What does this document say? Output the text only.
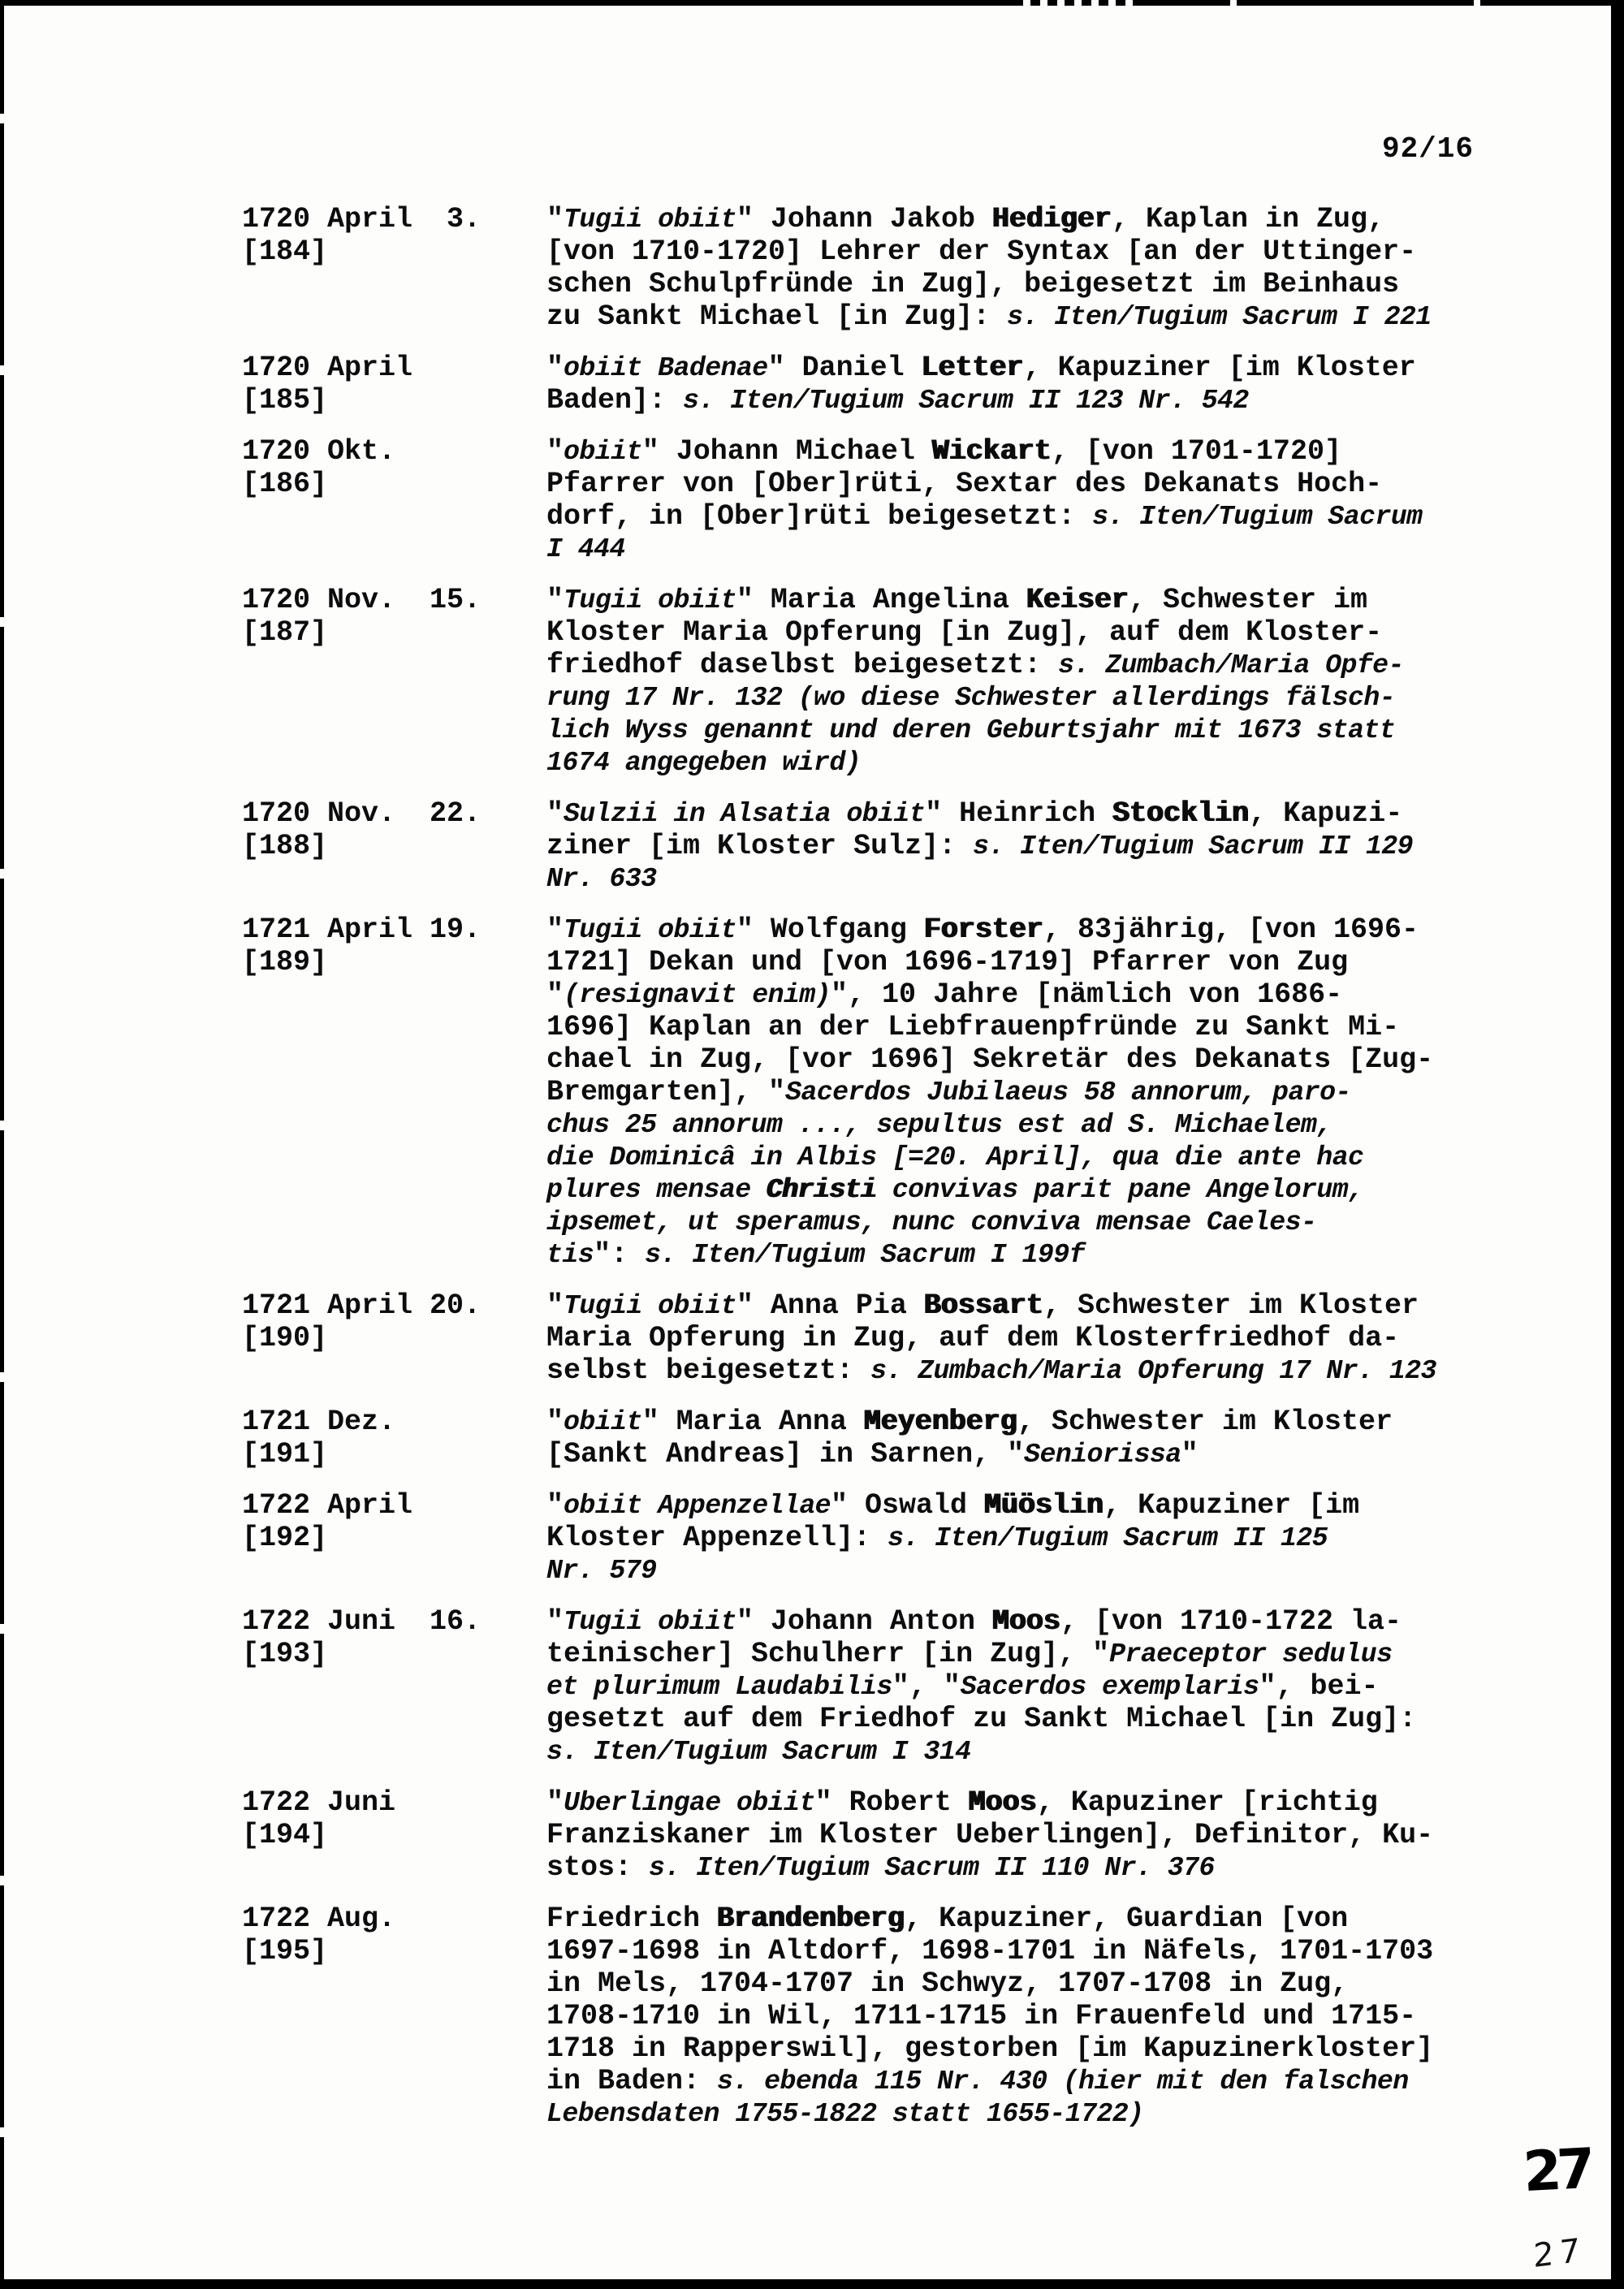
92/16
1720 April  3.
[184]
"Tugii obiit" Johann Jakob Hediger, Kaplan in Zug,
[von 1710-1720] Lehrer der Syntax [an der Uttinger-
schen Schulpfründe in Zug], beigesetzt im Beinhaus
zu Sankt Michael [in Zug]: s. Iten/Tugium Sacrum I 221
1720 April
[185]
"obiit Badenae" Daniel Letter, Kapuziner [im Kloster
Baden]: s. Iten/Tugium Sacrum II 123 Nr. 542
1720 Okt.
[186]
"obiit" Johann Michael Wickart, [von 1701-1720]
Pfarrer von [Ober]rüti, Sextar des Dekanats Hoch-
dorf, in [Ober]rüti beigesetzt: s. Iten/Tugium Sacrum
I 444
1720 Nov.  15.
[187]
"Tugii obiit" Maria Angelina Keiser, Schwester im
Kloster Maria Opferung [in Zug], auf dem Kloster-
friedhof daselbst beigesetzt: s. Zumbach/Maria Opfe-
rung 17 Nr. 132 (wo diese Schwester allerdings fälsch-
lich Wyss genannt und deren Geburtsjahr mit 1673 statt
1674 angegeben wird)
1720 Nov.  22.
[188]
"Sulzii in Alsatia obiit" Heinrich Stocklin, Kapuzi-
ziner [im Kloster Sulz]: s. Iten/Tugium Sacrum II 129
Nr. 633
1721 April 19.
[189]
"Tugii obiit" Wolfgang Forster, 83jährig, [von 1696-
1721] Dekan und [von 1696-1719] Pfarrer von Zug
"(resignavit enim)", 10 Jahre [nämlich von 1686-
1696] Kaplan an der Liebfrauenpfründe zu Sankt Mi-
chael in Zug, [vor 1696] Sekretär des Dekanats [Zug-
Bremgarten], "Sacerdos Jubilaeus 58 annorum, paro-
chus 25 annorum ..., sepultus est ad S. Michaelem,
die Dominicâ in Albis [=20. April], qua die ante hac
plures mensae Christi convivas parit pane Angelorum,
ipsemet, ut speramus, nunc conviva mensae Caeles-
tis": s. Iten/Tugium Sacrum I 199f
1721 April 20.
[190]
"Tugii obiit" Anna Pia Bossart, Schwester im Kloster
Maria Opferung in Zug, auf dem Klosterfriedhof da-
selbst beigesetzt: s. Zumbach/Maria Opferung 17 Nr. 123
1721 Dez.
[191]
"obiit" Maria Anna Meyenberg, Schwester im Kloster
[Sankt Andreas] in Sarnen, "Seniorissa"
1722 April
[192]
"obiit Appenzellae" Oswald Müöslin, Kapuziner [im
Kloster Appenzell]: s. Iten/Tugium Sacrum II 125
Nr. 579
1722 Juni  16.
[193]
"Tugii obiit" Johann Anton Moos, [von 1710-1722 la-
teinischer] Schulherr [in Zug], "Praeceptor sedulus
et plurimum Laudabilis", "Sacerdos exemplaris", bei-
gesetzt auf dem Friedhof zu Sankt Michael [in Zug]:
s. Iten/Tugium Sacrum I 314
1722 Juni
[194]
"Uberlingae obiit" Robert Moos, Kapuziner [richtig
Franziskaner im Kloster Ueberlingen], Definitor, Ku-
stos: s. Iten/Tugium Sacrum II 110 Nr. 376
1722 Aug.
[195]
Friedrich Brandenberg, Kapuziner, Guardian [von
1697-1698 in Altdorf, 1698-1701 in Näfels, 1701-1703
in Mels, 1704-1707 in Schwyz, 1707-1708 in Zug,
1708-1710 in Wil, 1711-1715 in Frauenfeld und 1715-
1718 in Rapperswil], gestorben [im Kapuzinerkloster]
in Baden: s. ebenda 115 Nr. 430 (hier mit den falschen
Lebensdaten 1755-1822 statt 1655-1722)
27
27
